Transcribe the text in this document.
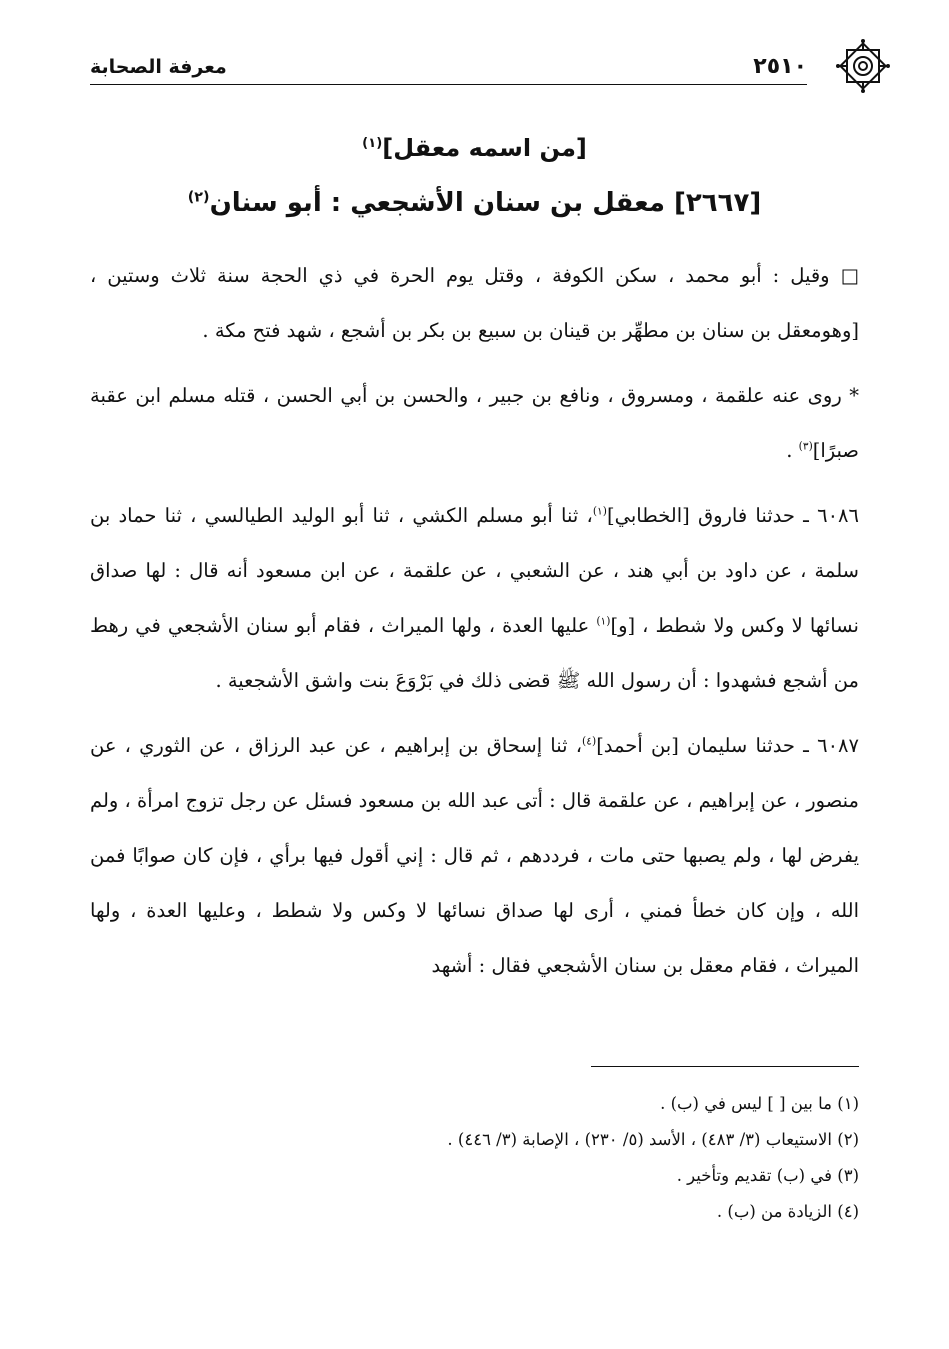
٢٥١٠
معرفة الصحابة
[من اسمه معقل]$^{(١)}$
[٢٦٦٧] معقل بن سنان الأشجعي : أبو سنان$^{(٢)}$

□ وقيل : أبو محمد ، سكن الكوفة ، وقتل يوم الحرة في ذي الحجة سنة ثلاث وستين ، [وهومعقل بن سنان بن مطهِّر بن قينان بن سبيع بن بكر بن أشجع ، شهد فتح مكة .

* روى عنه علقمة ، ومسروق ، ونافع بن جبير ، والحسن بن أبي الحسن ، قتله مسلم ابن عقبة صبرًا]$^{(٣)}$ .

٦٠٨٦ ـ حدثنا فاروق [الخطابي]$^{(١)}$، ثنا أبو مسلم الكشي ، ثنا أبو الوليد الطيالسي ، ثنا حماد بن سلمة ، عن داود بن أبي هند ، عن الشعبي ، عن علقمة ، عن ابن مسعود أنه قال : لها صداق نسائها لا وكس ولا شطط ، [و]$^{(١)}$ عليها العدة ، ولها الميراث ، فقام أبو سنان الأشجعي في رهط من أشجع فشهدوا : أن رسول الله ﷺ قضى ذلك في بَرْوَعَ بنت واشق الأشجعية .

٦٠٨٧ ـ حدثنا سليمان [بن أحمد]$^{(٤)}$، ثنا إسحاق بن إبراهيم ، عن عبد الرزاق ، عن الثوري ، عن منصور ، عن إبراهيم ، عن علقمة قال : أتى عبد الله بن مسعود فسئل عن رجل تزوج امرأة ، ولم يفرض لها ، ولم يصبها حتى مات ، فرددهم ، ثم قال : إني أقول فيها برأي ، فإن كان صوابًا فمن الله ، وإن كان خطأ فمني ، أرى لها صداق نسائها لا وكس ولا شطط ، وعليها العدة ، ولها الميراث ، فقام معقل بن سنان الأشجعي فقال : أشهد

(١) ما بين [ ] ليس في (ب) .
(٢) الاستيعاب (٣/ ٤٨٣) ، الأسد (٥/ ٢٣٠) ، الإصابة (٣/ ٤٤٦) .
(٣) في (ب) تقديم وتأخير .
(٤) الزيادة من (ب) .
